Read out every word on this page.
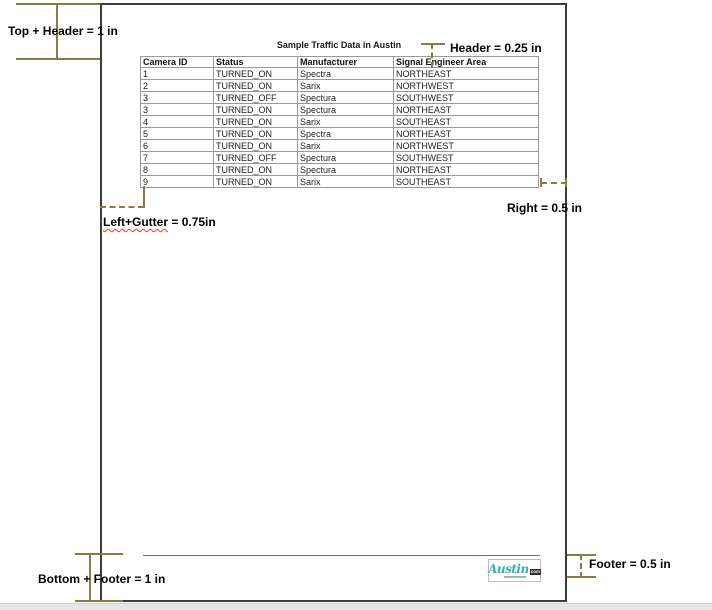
Sample Traffic Data in Austin
Camera ID	Status	Manufacturer	Signal Engineer Area
1	TURNED_ON	Spectra	NORTHEAST
2	TURNED_ON	Sarix	NORTHWEST
3	TURNED_OFF	Spectura	SOUTHWEST
3	TURNED_ON	Spectura	NORTHEAST
4	TURNED_ON	Sarix	SOUTHEAST
5	TURNED_ON	Spectra	NORTHEAST
6	TURNED_ON	Sarix	NORTHWEST
7	TURNED_OFF	Spectura	SOUTHWEST
8	TURNED_ON	Spectura	NORTHEAST
9	TURNED_ON	Sarix	SOUTHEAST
Austin com
Top + Header = 1 in
Header = 0.25 in
Right = 0.5 in
Left+Gutter = 0.75in
Bottom + Footer = 1 in
Footer = 0.5 in
